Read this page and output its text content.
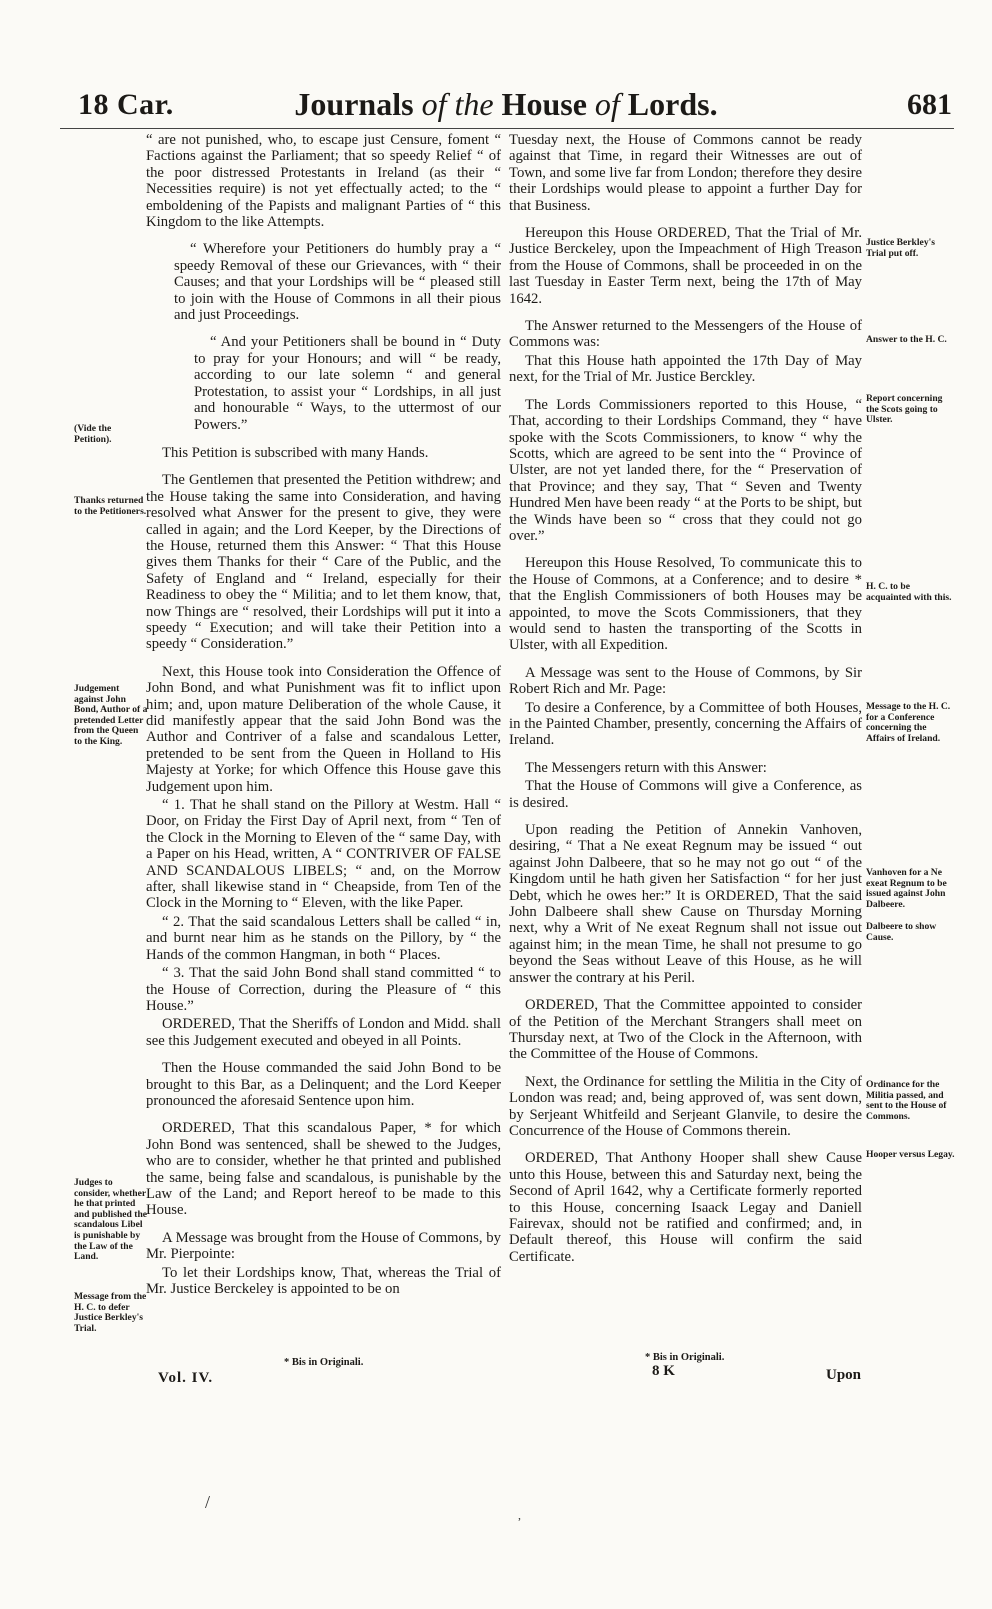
18 Car.	Journals of the House of Lords.	681

“ are not punished, who, to escape just Censure, foment “ Factions against the Parliament; that so speedy Relief “ of the poor distressed Protestants in Ireland (as their “ Necessities require) is not yet effectually acted; to the “ emboldening of the Papists and malignant Parties of “ this Kingdom to the like Attempts.

“ Wherefore your Petitioners do humbly pray a “ speedy Removal of these our Grievances, with “ their Causes; and that your Lordships will be “ pleased still to join with the House of Commons in all their pious and just Proceedings.

“ And your Petitioners shall be bound in “ Duty to pray for your Honours; and will “ be ready, according to our late solemn “ and general Protestation, to assist your “ Lordships, in all just and honourable “ Ways, to the uttermost of our Powers.”

This Petition is subscribed with many Hands.

The Gentlemen that presented the Petition withdrew; and the House taking the same into Consideration, and having resolved what Answer for the present to give, they were called in again; and the Lord Keeper, by the Directions of the House, returned them this Answer: “ That this House gives them Thanks for their “ Care of the Public, and the Safety of England and “ Ireland, especially for their Readiness to obey the “ Militia; and to let them know, that, now Things are “ resolved, their Lordships will put it into a speedy “ Execution; and will take their Petition into a speedy “ Consideration.”

Next, this House took into Consideration the Offence of John Bond, and what Punishment was fit to inflict upon him; and, upon mature Deliberation of the whole Cause, it did manifestly appear that the said John Bond was the Author and Contriver of a false and scandalous Letter, pretended to be sent from the Queen in Holland to His Majesty at Yorke; for which Offence this House gave this Judgement upon him.

“ 1. That he shall stand on the Pillory at Westm. Hall “ Door, on Friday the First Day of April next, from “ Ten of the Clock in the Morning to Eleven of the “ same Day, with a Paper on his Head, written, A “ CONTRIVER OF FALSE AND SCANDALOUS LIBELS; “ and, on the Morrow after, shall likewise stand in “ Cheapside, from Ten of the Clock in the Morning to “ Eleven, with the like Paper.

“ 2. That the said scandalous Letters shall be called “ in, and burnt near him as he stands on the Pillory, by “ the Hands of the common Hangman, in both “ Places.

“ 3. That the said John Bond shall stand committed “ to the House of Correction, during the Pleasure of “ this House.”

ORDERED, That the Sheriffs of London and Midd. shall see this Judgement executed and obeyed in all Points.

Then the House commanded the said John Bond to be brought to this Bar, as a Delinquent; and the Lord Keeper pronounced the aforesaid Sentence upon him.

ORDERED, That this scandalous Paper, * for which John Bond was sentenced, shall be shewed to the Judges, who are to consider, whether he that printed and published the same, being false and scandalous, is punishable by the Law of the Land; and Report hereof to be made to this House.

A Message was brought from the House of Commons, by Mr. Pierpointe:

To let their Lordships know, That, whereas the Trial of Mr. Justice Berckeley is appointed to be on

Tuesday next, the House of Commons cannot be ready against that Time, in regard their Witnesses are out of Town, and some live far from London; therefore they desire their Lordships would please to appoint a further Day for that Business.

Hereupon this House ORDERED, That the Trial of Mr. Justice Berckeley, upon the Impeachment of High Treason from the House of Commons, shall be proceeded in on the last Tuesday in Easter Term next, being the 17th of May 1642.

The Answer returned to the Messengers of the House of Commons was:

That this House hath appointed the 17th Day of May next, for the Trial of Mr. Justice Berckley.

The Lords Commissioners reported to this House, “ That, according to their Lordships Command, they “ have spoke with the Scots Commissioners, to know “ why the Scotts, which are agreed to be sent into the “ Province of Ulster, are not yet landed there, for the “ Preservation of that Province; and they say, That “ Seven and Twenty Hundred Men have been ready “ at the Ports to be shipt, but the Winds have been so “ cross that they could not go over.”

Hereupon this House Resolved, To communicate this to the House of Commons, at a Conference; and to desire * that the English Commissioners of both Houses may be appointed, to move the Scots Commissioners, that they would send to hasten the transporting of the Scotts in Ulster, with all Expedition.

A Message was sent to the House of Commons, by Sir Robert Rich and Mr. Page:

To desire a Conference, by a Committee of both Houses, in the Painted Chamber, presently, concerning the Affairs of Ireland.

The Messengers return with this Answer:

That the House of Commons will give a Conference, as is desired.

Upon reading the Petition of Annekin Vanhoven, desiring, “ That a Ne exeat Regnum may be issued “ out against John Dalbeere, that so he may not go out “ of the Kingdom until he hath given her Satisfaction “ for her just Debt, which he owes her:” It is ORDERED, That the said John Dalbeere shall shew Cause on Thursday Morning next, why a Writ of Ne exeat Regnum shall not issue out against him; in the mean Time, he shall not presume to go beyond the Seas without Leave of this House, as he will answer the contrary at his Peril.

ORDERED, That the Committee appointed to consider of the Petition of the Merchant Strangers shall meet on Thursday next, at Two of the Clock in the Afternoon, with the Committee of the House of Commons.

Next, the Ordinance for settling the Militia in the City of London was read; and, being approved of, was sent down, by Serjeant Whitfeild and Serjeant Glanvile, to desire the Concurrence of the House of Commons therein.

ORDERED, That Anthony Hooper shall shew Cause unto this House, between this and Saturday next, being the Second of April 1642, why a Certificate formerly reported to this House, concerning Isaack Legay and Daniell Fairevax, should not be ratified and confirmed; and, in Default thereof, this House will confirm the said Certificate.

(Vide the Petition).
Thanks returned to the Petitioners.
Judgement against John Bond, Author of a pretended Letter from the Queen to the King.
Judges to consider, whether he that printed and published the scandalous Libel is punishable by the Law of the Land.
Message from the H. C. to defer Justice Berkley's Trial.
Justice Berkley's Trial put off.
Answer to the H. C.
Report concerning the Scots going to Ulster.
H. C. to be acquainted with this.
Message to the H. C. for a Conference concerning the Affairs of Ireland.
Vanhoven for a Ne exeat Regnum to be issued against John Dalbeere.
Dalbeere to show Cause.
Ordinance for the Militia passed, and sent to the House of Commons.
Hooper versus Legay.
* Bis in Originali.	* Bis in Originali.
Vol. IV.	8 K	Upon
/
,
